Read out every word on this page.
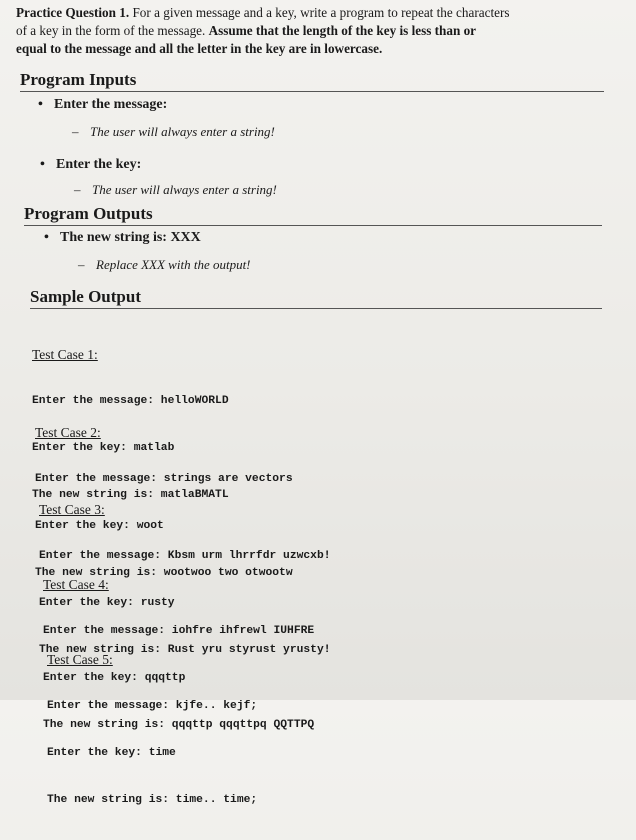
Practice Question 1. For a given message and a key, write a program to repeat the characters
of a key in the form of the message. Assume that the length of the key is less than or
equal to the message and all the letter in the key are in lowercase.
Program Inputs
• Enter the message:
– The user will always enter a string!
• Enter the key:
– The user will always enter a string!
Program Outputs
• The new string is: XXX
– Replace XXX with the output!
Sample Output

Test Case 1:

Enter the message: helloWORLD

Enter the key: matlab

The new string is: matlaBMATL

Test Case 2:

Enter the message: strings are vectors

Enter the key: woot

The new string is: wootwoo two otwootw

Test Case 3:

Enter the message: Kbsm urm lhrrfdr uzwcxb!

Enter the key: rusty

The new string is: Rust yru styrust yrusty!

Test Case 4:

Enter the message: iohfre ihfrewl IUHFRE

Enter the key: qqqttp

The new string is: qqqttp qqqttpq QQTTPQ

Test Case 5:

Enter the message: kjfe.. kejf;

Enter the key: time

The new string is: time.. time;
